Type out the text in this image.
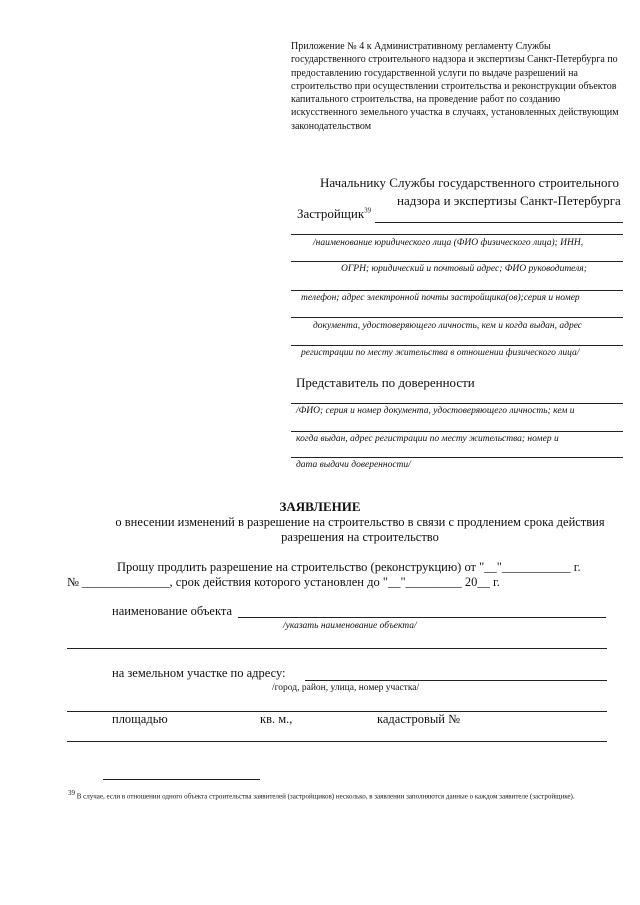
Приложение № 4 к Административному регламенту Службы государственного строительного надзора и экспертизы Санкт-Петербурга по предоставлению государственной услуги по выдаче разрешений на строительство при осуществлении строительства и реконструкции объектов капитального строительства, на проведение работ по созданию искусственного земельного участка в случаях, установленных действующим законодательством
Начальнику Службы государственного строительного
надзора и экспертизы Санкт-Петербурга
Застройщик$^{39}$
/наименование юридического лица (ФИО физического лица); ИНН,
ОГРН; юридический и почтовый адрес; ФИО руководителя;
телефон; адрес электронной почты застройщика(ов);серия и номер
документа, удостоверяющего личность, кем и когда выдан, адрес
регистрации по месту жительства в отношении физического лица/
Представитель по доверенности
/ФИО; серия и номер документа, удостоверяющего личность; кем и
когда выдан, адрес регистрации по месту жительства; номер и
дата выдачи доверенности/
ЗАЯВЛЕНИЕ
о внесении изменений в разрешение на строительство в связи с продлением срока действия
разрешения на строительство
Прошу продлить разрешение на строительство (реконструкцию) от "__"___________ г.
№ ______________, срок действия которого установлен до "__"_________ 20__ г.
наименование объекта
/указать наименование объекта/
на земельном участке по адресу:
/город, район, улица, номер участка/
площадью	кв. м.,	кадастровый №
$^{39}$ В случае, если в отношении одного объекта строительства заявителей (застройщиков) несколько, в заявлении заполняются данные о каждом заявителе (застройщике).
